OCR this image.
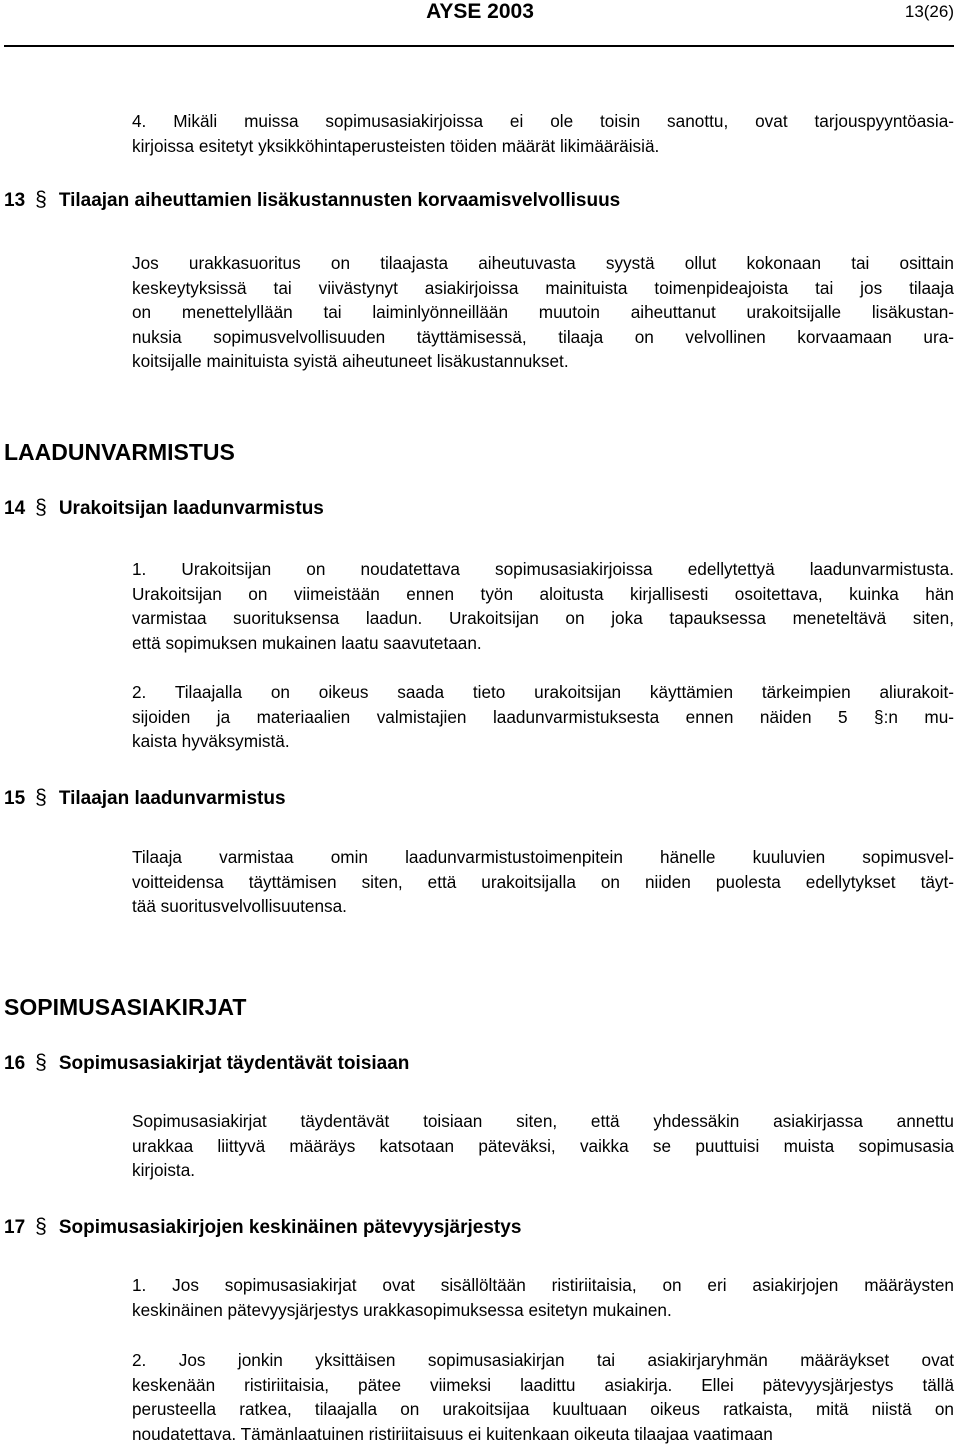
AYSE 2003	13(26)

4. Mikäli muissa sopimusasiakirjoissa ei ole toisin sanottu, ovat tarjouspyyntöasia-

kirjoissa esitetyt yksikköhintaperusteisten töiden määrät likimääräisiä.

13 § Tilaajan aiheuttamien lisäkustannusten korvaamisvelvollisuus

Jos urakkasuoritus on tilaajasta aiheutuvasta syystä ollut kokonaan tai osittain

keskeytyksissä tai viivästynyt asiakirjoissa mainituista toimenpideajoista tai jos tilaaja

on menettelyllään tai laiminlyönneillään muutoin aiheuttanut urakoitsijalle lisäkustan-

nuksia sopimusvelvollisuuden täyttämisessä, tilaaja on velvollinen korvaamaan ura-

koitsijalle mainituista syistä aiheutuneet lisäkustannukset.

LAADUNVARMISTUS
14 § Urakoitsijan laadunvarmistus

1. Urakoitsijan on noudatettava sopimusasiakirjoissa edellytettyä laadunvarmistusta.

Urakoitsijan on viimeistään ennen työn aloitusta kirjallisesti osoitettava, kuinka hän

varmistaa suorituksensa laadun. Urakoitsijan on joka tapauksessa meneteltävä siten,

että sopimuksen mukainen laatu saavutetaan.

2. Tilaajalla on oikeus saada tieto urakoitsijan käyttämien tärkeimpien aliurakoit-

sijoiden ja materiaalien valmistajien laadunvarmistuksesta ennen näiden 5 §:n mu-

kaista hyväksymistä.

15 § Tilaajan laadunvarmistus

Tilaaja varmistaa omin laadunvarmistustoimenpitein hänelle kuuluvien sopimusvel-

voitteidensa täyttämisen siten, että urakoitsijalla on niiden puolesta edellytykset täyt-

tää suoritusvelvollisuutensa.

SOPIMUSASIAKIRJAT
16 § Sopimusasiakirjat täydentävät toisiaan

Sopimusasiakirjat täydentävät toisiaan siten, että yhdessäkin asiakirjassa annettu

urakkaa liittyvä määräys katsotaan päteväksi, vaikka se puuttuisi muista sopimusasia

kirjoista.

17 § Sopimusasiakirjojen keskinäinen pätevyysjärjestys

1. Jos sopimusasiakirjat ovat sisällöltään ristiriitaisia, on eri asiakirjojen määräysten

keskinäinen pätevyysjärjestys urakkasopimuksessa esitetyn mukainen.

2. Jos jonkin yksittäisen sopimusasiakirjan tai asiakirjaryhmän määräykset ovat

keskenään ristiriitaisia, pätee viimeksi laadittu asiakirja. Ellei pätevyysjärjestys tällä

perusteella ratkea, tilaajalla on urakoitsijaa kuultuaan oikeus ratkaista, mitä niistä on

noudatettava. Tämänlaatuinen ristiriitaisuus ei kuitenkaan oikeuta tilaajaa vaatimaan
